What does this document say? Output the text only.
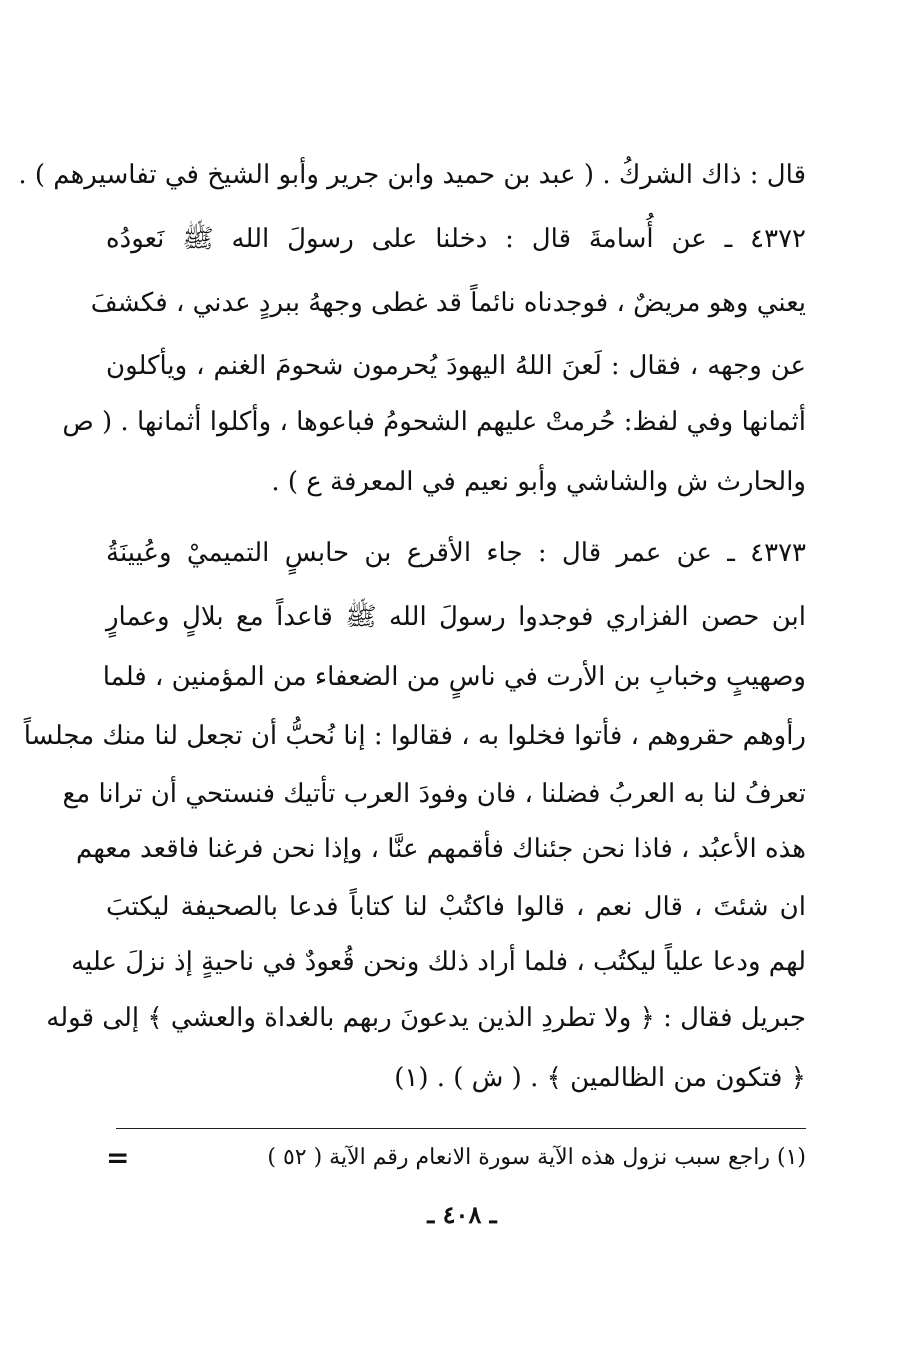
قال : ذاك الشركُ . ( عبد بن حميد وابن جرير وأبو الشيخ في تفاسيرهم ) .
٤٣٧٢ ـ عن أُسامةَ قال : دخلنا على رسولَ الله ﷺ نَعودُه
يعني وهو مريضٌ ، فوجدناه نائماً قد غطى وجههُ ببردٍ عدني ، فكشفَ
عن وجهه ، فقال : لَعنَ اللهُ اليهودَ يُحرمون شحومَ الغنم ، ويأكلون
أثمانها وفي لفظ: حُرمتْ عليهم الشحومُ فباعوها ، وأكلوا أثمانها . ( ص
والحارث ش والشاشي وأبو نعيم في المعرفة ع ) .
٤٣٧٣ ـ عن عمر قال : جاء الأقرع بن حابسٍ التميميْ وعُيينَةُ
ابن حصن الفزاري فوجدوا رسولَ الله ﷺ قاعداً مع بلالٍ وعمارٍ
وصهيبٍ وخبابِ بن الأرت في ناسٍ من الضعفاء من المؤمنين ، فلما
رأوهم حقروهم ، فأتوا فخلوا به ، فقالوا : إنا نُحبُّ أن تجعل لنا منك مجلساً
تعرفُ لنا به العربُ فضلنا ، فان وفودَ العرب تأتيك فنستحي أن ترانا مع
هذه الأعبُد ، فاذا نحن جئناك فأقمهم عنَّا ، وإذا نحن فرغنا فاقعد معهم
ان شئتَ ، قال نعم ، قالوا فاكتُبْ لنا كتاباً فدعا بالصحيفة ليكتبَ
لهم ودعا علياً ليكتُب ، فلما أراد ذلك ونحن قُعودٌ في ناحيةٍ إذ نزلَ عليه
جبريل فقال : ﴿ ولا تطردِ الذين يدعونَ ربهم بالغداة والعشي ﴾ إلى قوله
﴿ فتكون من الظالمين ﴾ . ( ش ) . (١)
(١) راجع سبب نزول هذه الآية سورة الانعام رقم الآية ( ٥٢ )
=
ـ ٤٠٨ ـ
